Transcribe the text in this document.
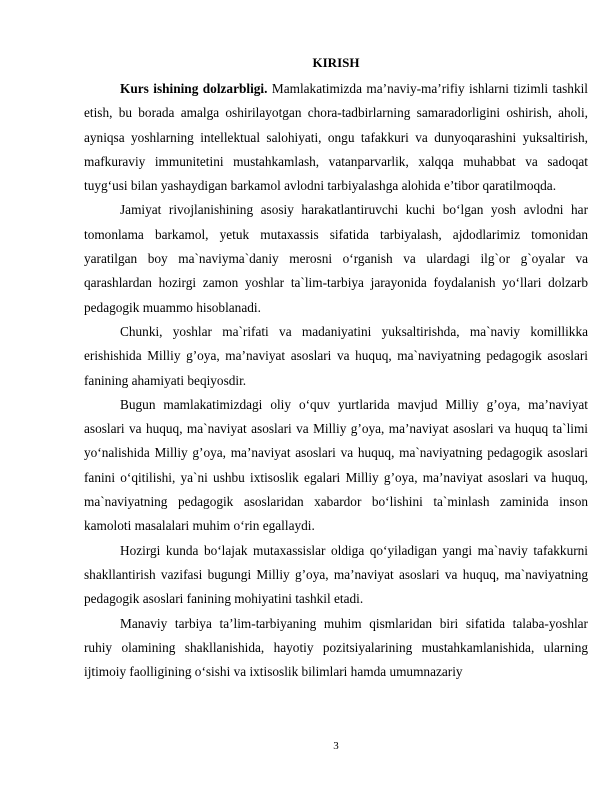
KIRISH

Kurs ishining dolzarbligi. Mamlakatimizda ma’naviy-ma’rifiy ishlarni tizimli tashkil etish, bu borada amalga oshirilayotgan chora-tadbirlarning samaradorligini oshirish, aholi, ayniqsa yoshlarning intellektual salohiyati, ongu tafakkuri va dunyoqarashini yuksaltirish, mafkuraviy immunitetini mustahkamlash, vatanparvarlik, xalqqa muhabbat va sadoqat tuyg‘usi bilan yashaydigan barkamol avlodni tarbiyalashga alohida e’tibor qaratilmoqda.

Jamiyat rivojlanishining asosiy harakatlantiruvchi kuchi bo‘lgan yosh avlodni har tomonlama barkamol, yetuk mutaxassis sifatida tarbiyalash, ajdodlarimiz tomonidan yaratilgan boy ma`naviyma`daniy merosni o‘rganish va ulardagi ilg`or g`oyalar va qarashlardan hozirgi zamon yoshlar ta`lim-tarbiya jarayonida foydalanish yo‘llari dolzarb pedagogik muammo hisoblanadi.

Chunki, yoshlar ma`rifati va madaniyatini yuksaltirishda, ma`naviy komillikka erishishida Milliy g’oya, ma’naviyat asoslari va huquq, ma`naviyatning pedagogik asoslari fanining ahamiyati beqiyosdir.

Bugun mamlakatimizdagi oliy o‘quv yurtlarida mavjud Milliy g’oya, ma’naviyat asoslari va huquq, ma`naviyat asoslari va Milliy g’oya, ma’naviyat asoslari va huquq ta`limi yo‘nalishida Milliy g’oya, ma’naviyat asoslari va huquq, ma`naviyatning pedagogik asoslari fanini o‘qitilishi, ya`ni ushbu ixtisoslik egalari Milliy g’oya, ma’naviyat asoslari va huquq, ma`naviyatning pedagogik asoslaridan xabardor bo‘lishini ta`minlash zaminida inson kamoloti masalalari muhim o‘rin egallaydi.

Hozirgi kunda bo‘lajak mutaxassislar oldiga qo‘yiladigan yangi ma`naviy tafakkurni shakllantirish vazifasi bugungi Milliy g’oya, ma’naviyat asoslari va huquq, ma`naviyatning pedagogik asoslari fanining mohiyatini tashkil etadi.

Manaviy tarbiya ta’lim-tarbiyaning muhim qismlaridan biri sifatida talaba-yoshlar ruhiy olamining shakllanishida, hayotiy pozitsiyalarining mustahkamlanishida, ularning ijtimoiy faolligining o‘sishi va ixtisoslik bilimlari hamda umumnazariy

3
